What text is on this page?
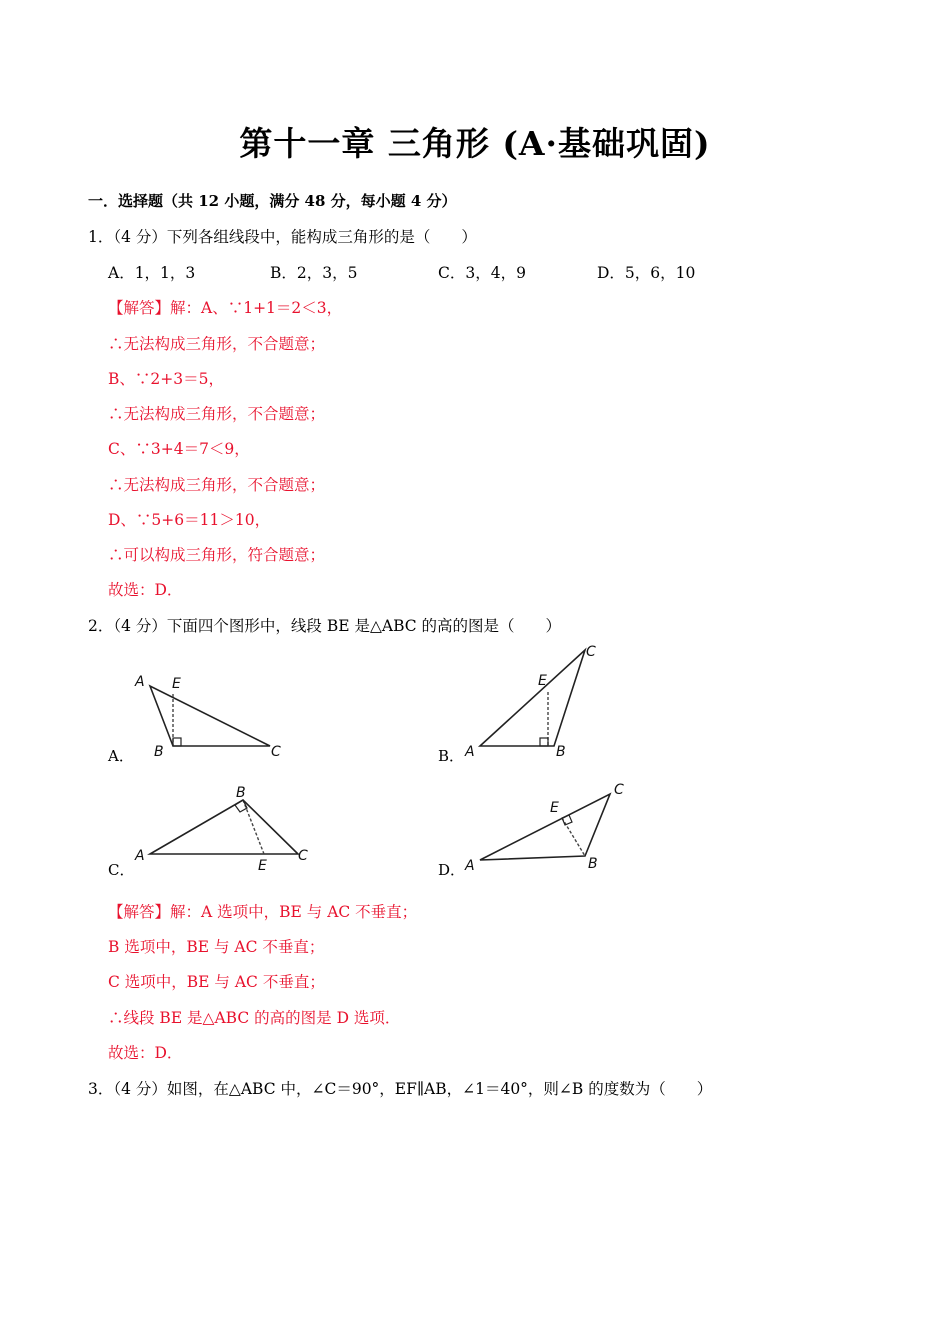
第十一章 三角形 (A·基础巩固)
一．选择题（共 12 小题，满分 48 分，每小题 4 分）
1．（4 分）下列各组线段中，能构成三角形的是（　　）
A．1，1，3	B．2，3，5	C．3，4，9	D．5，6，10
【解答】解：A、∵1+1＝2＜3，
∴无法构成三角形，不合题意；
B、∵2+3＝5，
∴无法构成三角形，不合题意；
C、∵3+4＝7＜9，
∴无法构成三角形，不合题意；
D、∵5+6＝11＞10，
∴可以构成三角形，符合题意；
故选：D．
2．（4 分）下面四个图形中，线段 BE 是△ABC 的高的图是（　　）
A．
A E
B	C	B． A
E
B
C
C．
A
B
E
C
D． A
E
B
C
【解答】解：A 选项中，BE 与 AC 不垂直；
B 选项中，BE 与 AC 不垂直；
C 选项中，BE 与 AC 不垂直；
∴线段 BE 是△ABC 的高的图是 D 选项．
故选：D．
3．（4 分）如图，在△ABC 中，∠C＝90°，EF∥AB，∠1＝40°，则∠B 的度数为（　　）
